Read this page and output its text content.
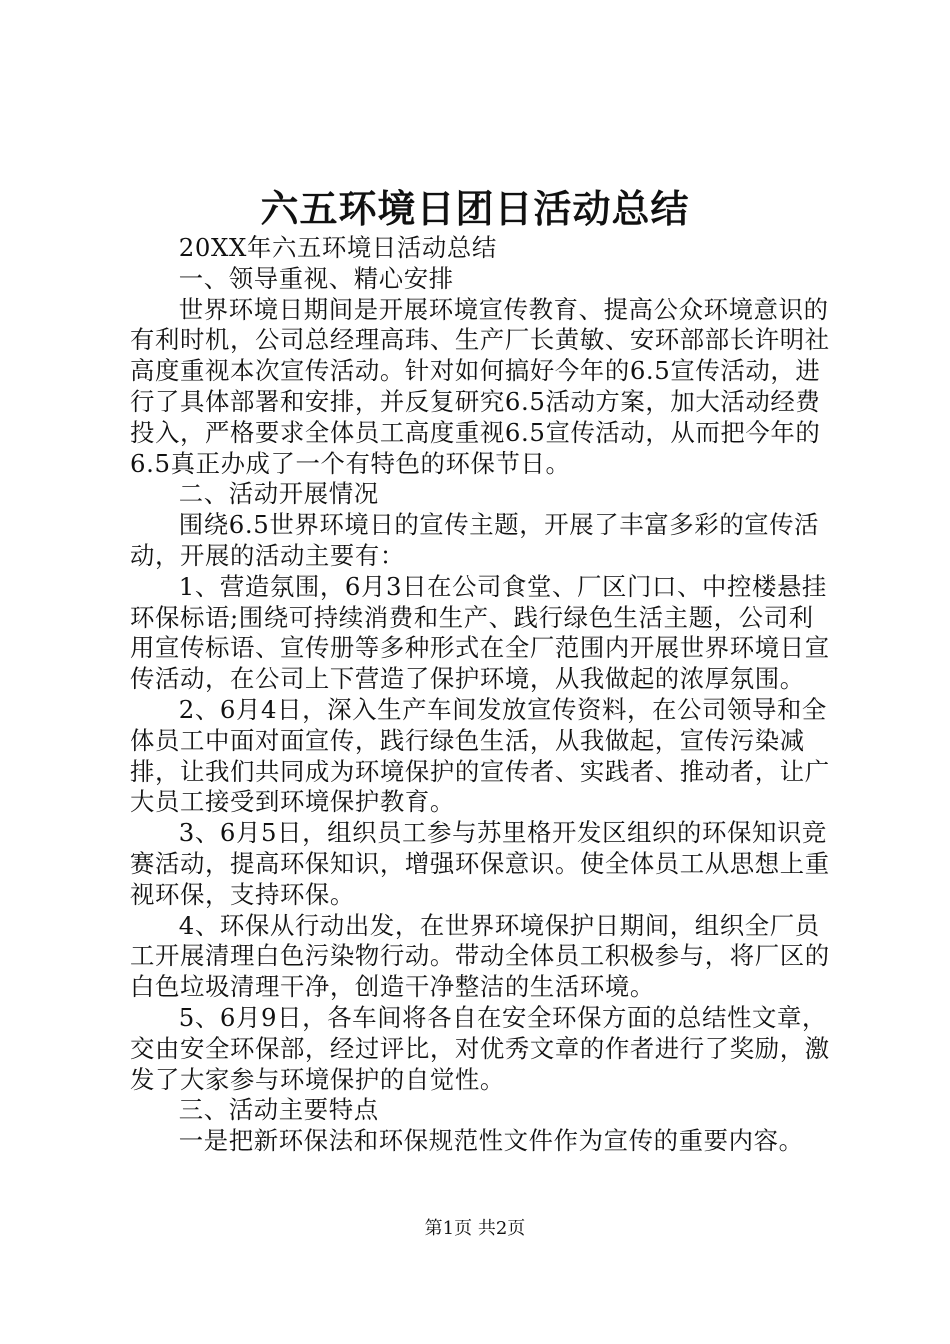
六五环境日团日活动总结

20XX年六五环境日活动总结

一、领导重视、精心安排

世界环境日期间是开展环境宣传教育、提高公众环境意识的有利时机，公司总经理高玮、生产厂长黄敏、安环部部长许明社高度重视本次宣传活动。针对如何搞好今年的6.5宣传活动，进行了具体部署和安排，并反复研究6.5活动方案，加大活动经费投入，严格要求全体员工高度重视6.5宣传活动，从而把今年的6.5真正办成了一个有特色的环保节日。

二、活动开展情况

围绕6.5世界环境日的宣传主题，开展了丰富多彩的宣传活动，开展的活动主要有：

1、营造氛围，6月3日在公司食堂、厂区门口、中控楼悬挂环保标语;围绕可持续消费和生产、践行绿色生活主题，公司利用宣传标语、宣传册等多种形式在全厂范围内开展世界环境日宣传活动，在公司上下营造了保护环境，从我做起的浓厚氛围。

2、6月4日，深入生产车间发放宣传资料，在公司领导和全体员工中面对面宣传，践行绿色生活，从我做起，宣传污染减排，让我们共同成为环境保护的宣传者、实践者、推动者，让广大员工接受到环境保护教育。

3、6月5日，组织员工参与苏里格开发区组织的环保知识竞赛活动，提高环保知识，增强环保意识。使全体员工从思想上重视环保，支持环保。

4、环保从行动出发，在世界环境保护日期间，组织全厂员工开展清理白色污染物行动。带动全体员工积极参与，将厂区的白色垃圾清理干净，创造干净整洁的生活环境。

5、6月9日，各车间将各自在安全环保方面的总结性文章，交由安全环保部，经过评比，对优秀文章的作者进行了奖励，激发了大家参与环境保护的自觉性。

三、活动主要特点

一是把新环保法和环保规范性文件作为宣传的重要内容。

第1页 共2页
